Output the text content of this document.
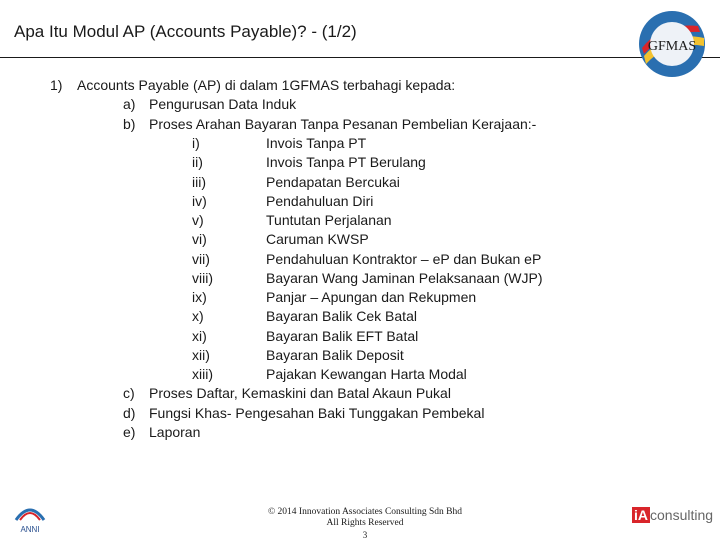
Apa Itu Modul AP (Accounts Payable)? - (1/2)
GFMAS
1) Accounts Payable (AP) di dalam 1GFMAS terbahagi kepada:
a) Pengurusan Data Induk
b) Proses Arahan Bayaran Tanpa Pesanan Pembelian Kerajaan:-
i)	Invois Tanpa PT
ii)	Invois Tanpa PT Berulang
iii)	Pendapatan Bercukai
iv)	Pendahuluan Diri
v)	Tuntutan Perjalanan
vi)	Caruman KWSP
vii)	Pendahuluan Kontraktor – eP dan Bukan eP
viii)	Bayaran Wang Jaminan Pelaksanaan (WJP)
ix)	Panjar – Apungan dan Rekupmen
x)	Bayaran Balik Cek Batal
xi)	Bayaran Balik EFT Batal
xii)	Bayaran Balik Deposit
xiii)	Pajakan Kewangan Harta Modal
c) Proses Daftar, Kemaskini dan Batal Akaun Pukal
d) Fungsi Khas- Pengesahan Baki Tunggakan Pembekal
e) Laporan
ANNI
© 2014 Innovation Associates Consulting Sdn Bhd
All Rights Reserved
3
iA consulting
